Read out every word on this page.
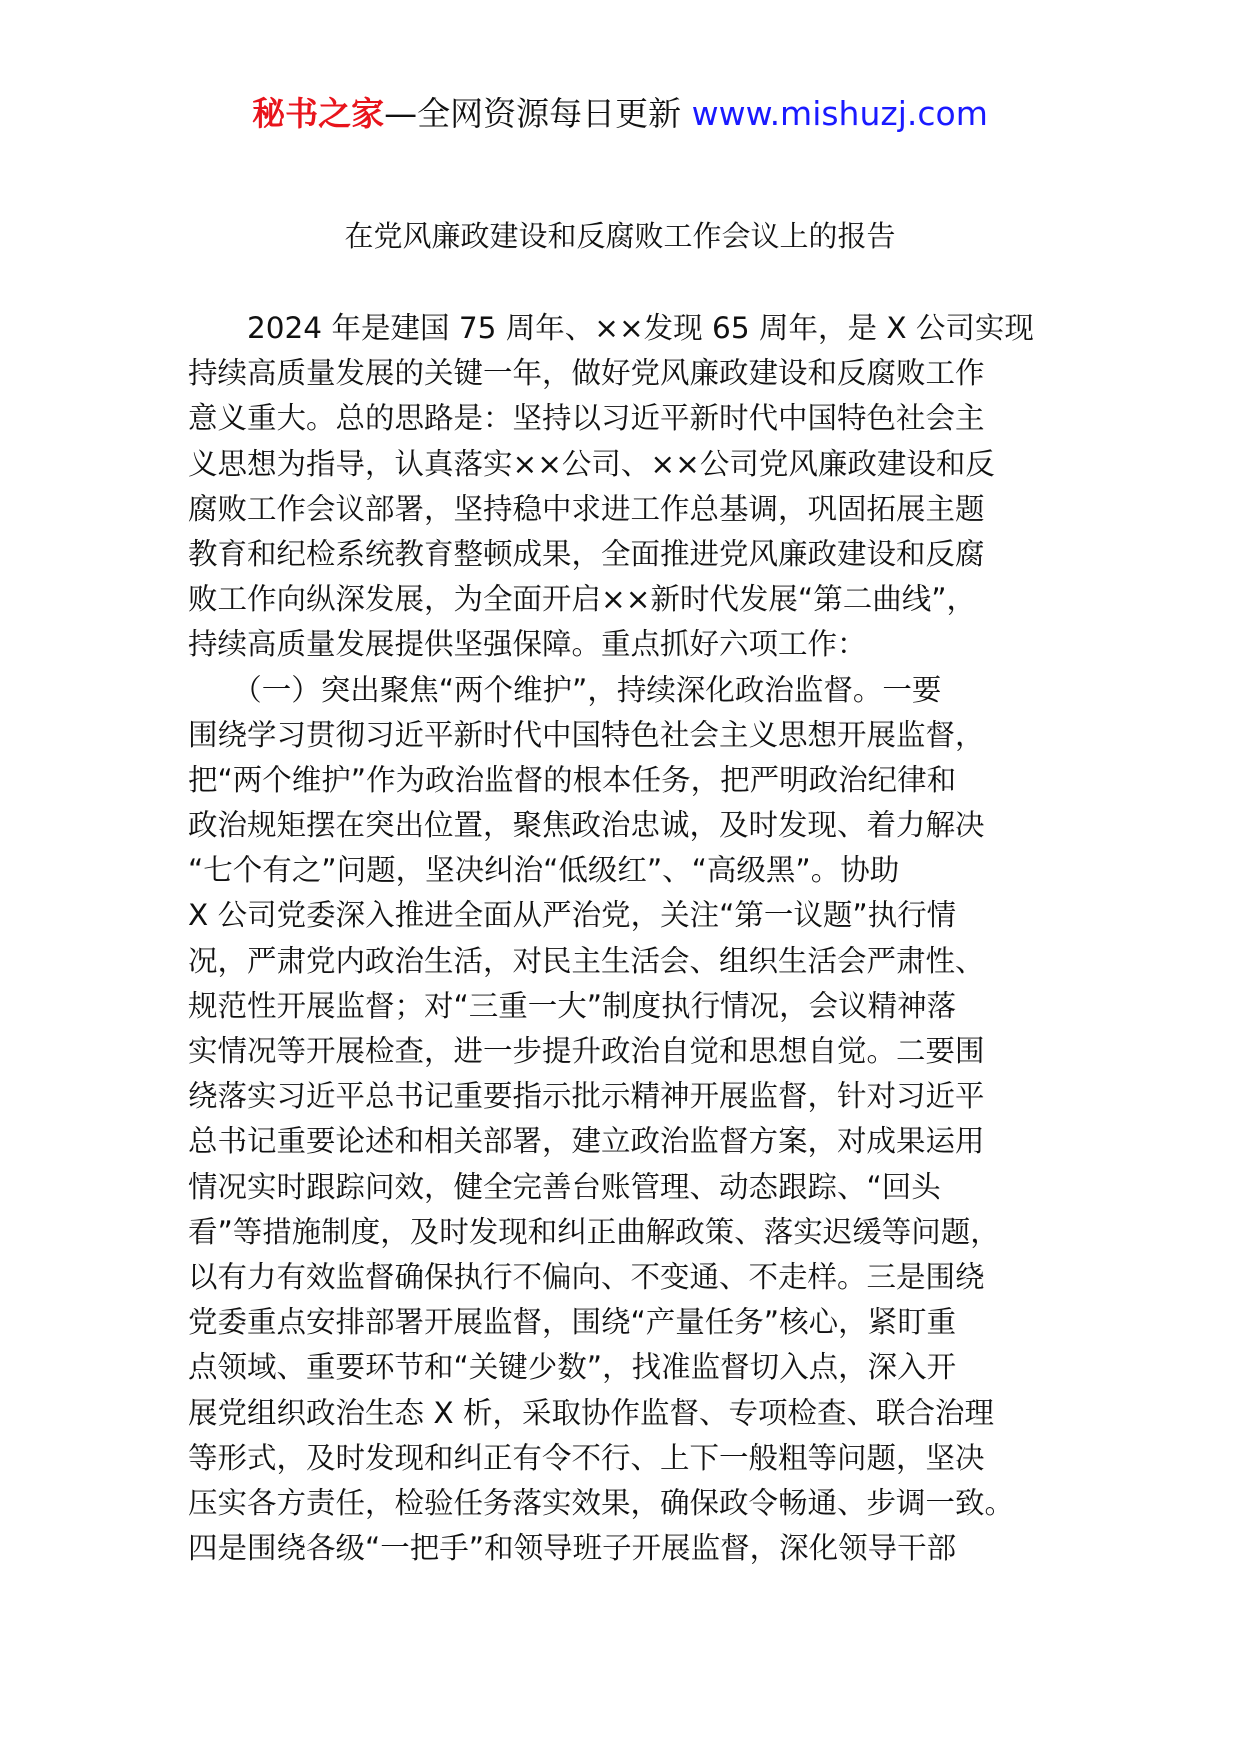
秘书之家—全网资源每日更新 www.mishuzj.com
在党风廉政建设和反腐败工作会议上的报告
　　2024 年是建国 75 周年、××发现 65 周年，是 X 公司实现
持续高质量发展的关键一年，做好党风廉政建设和反腐败工作
意义重大。总的思路是：坚持以习近平新时代中国特色社会主
义思想为指导，认真落实××公司、××公司党风廉政建设和反
腐败工作会议部署，坚持稳中求进工作总基调，巩固拓展主题
教育和纪检系统教育整顿成果，全面推进党风廉政建设和反腐
败工作向纵深发展，为全面开启××新时代发展“第二曲线”，
持续高质量发展提供坚强保障。重点抓好六项工作：
　　（一）突出聚焦“两个维护”，持续深化政治监督。一要
围绕学习贯彻习近平新时代中国特色社会主义思想开展监督，
把“两个维护”作为政治监督的根本任务，把严明政治纪律和
政治规矩摆在突出位置，聚焦政治忠诚，及时发现、着力解决
“七个有之”问题，坚决纠治“低级红”、“高级黑”。协助
X 公司党委深入推进全面从严治党，关注“第一议题”执行情
况，严肃党内政治生活，对民主生活会、组织生活会严肃性、
规范性开展监督；对“三重一大”制度执行情况，会议精神落
实情况等开展检查，进一步提升政治自觉和思想自觉。二要围
绕落实习近平总书记重要指示批示精神开展监督，针对习近平
总书记重要论述和相关部署，建立政治监督方案，对成果运用
情况实时跟踪问效，健全完善台账管理、动态跟踪、“回头
看”等措施制度，及时发现和纠正曲解政策、落实迟缓等问题，
以有力有效监督确保执行不偏向、不变通、不走样。三是围绕
党委重点安排部署开展监督，围绕“产量任务”核心，紧盯重
点领域、重要环节和“关键少数”，找准监督切入点，深入开
展党组织政治生态 X 析，采取协作监督、专项检查、联合治理
等形式，及时发现和纠正有令不行、上下一般粗等问题，坚决
压实各方责任，检验任务落实效果，确保政令畅通、步调一致。
四是围绕各级“一把手”和领导班子开展监督，深化领导干部
